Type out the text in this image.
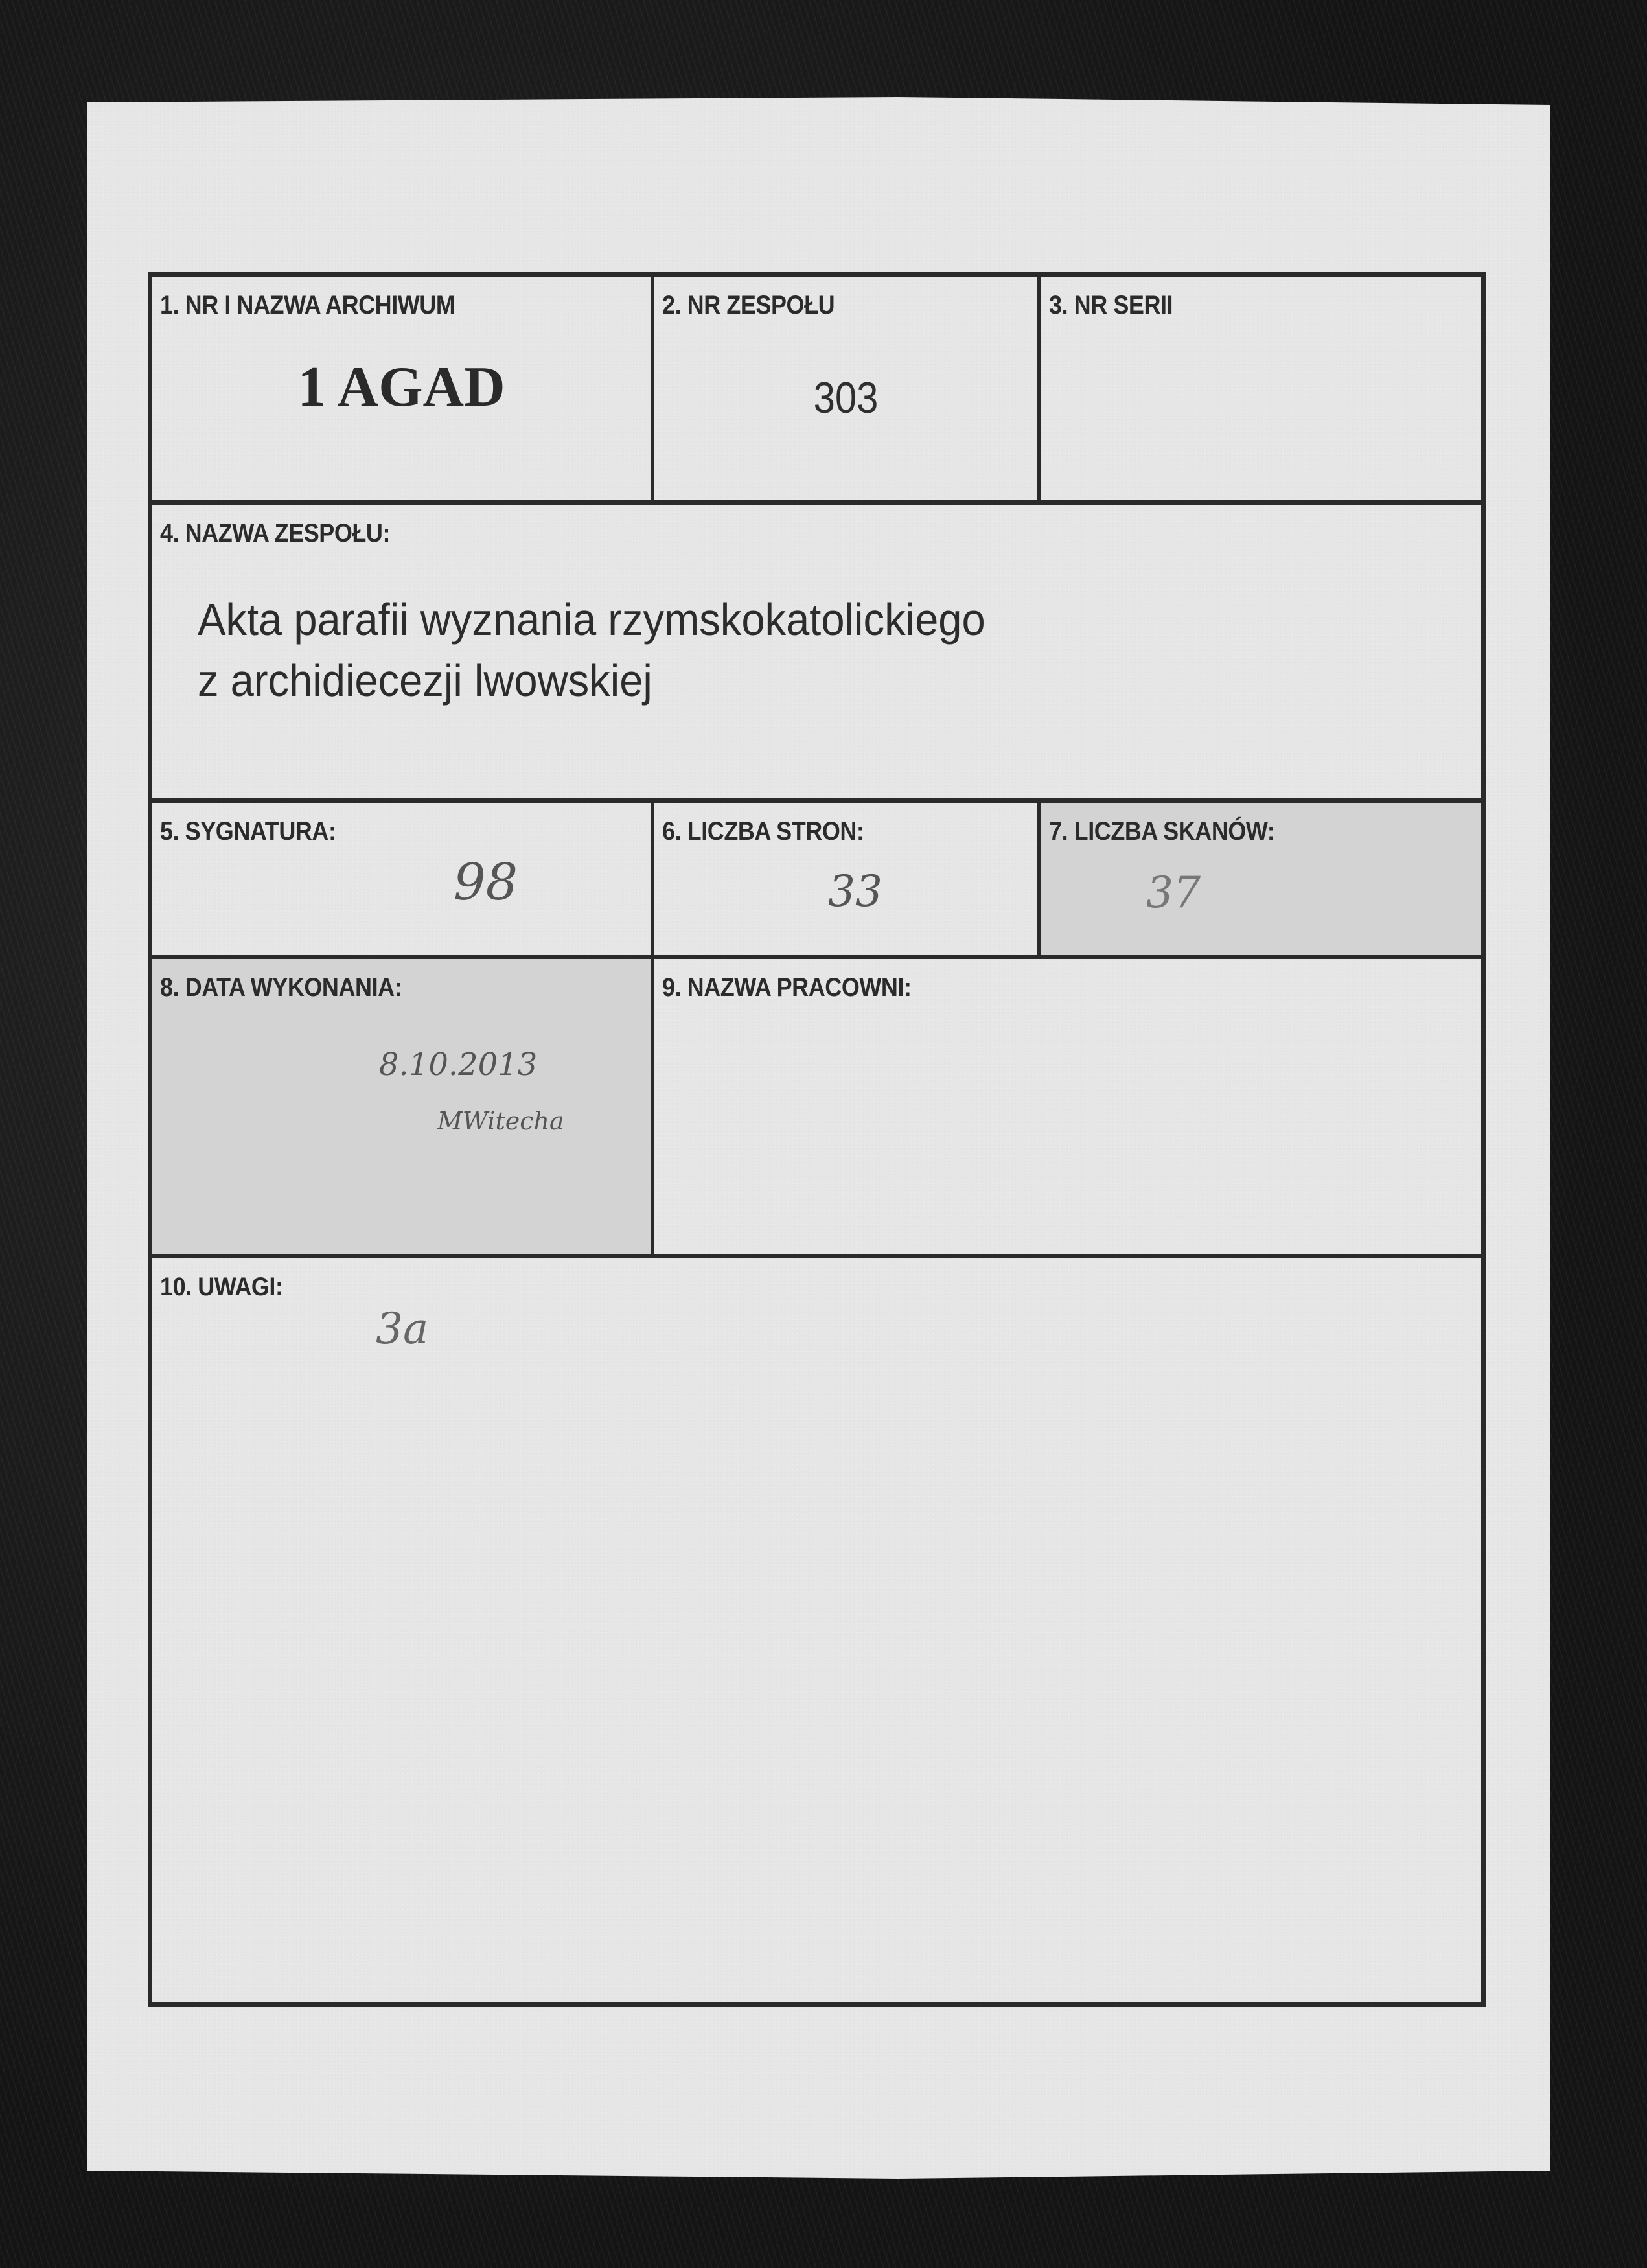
1. NR I NAZWA ARCHIWUM
1 AGAD
2. NR ZESPOŁU
303
3. NR SERII
4. NAZWA ZESPOŁU:
Akta parafii wyznania rzymskokatolickiego
z archidiecezji lwowskiej
5. SYGNATURA:
98
6. LICZBA STRON:
33
7. LICZBA SKANÓW:
37
8. DATA WYKONANIA:
8.10.2013
MWitecha
9. NAZWA PRACOWNI:
10. UWAGI:
3a
